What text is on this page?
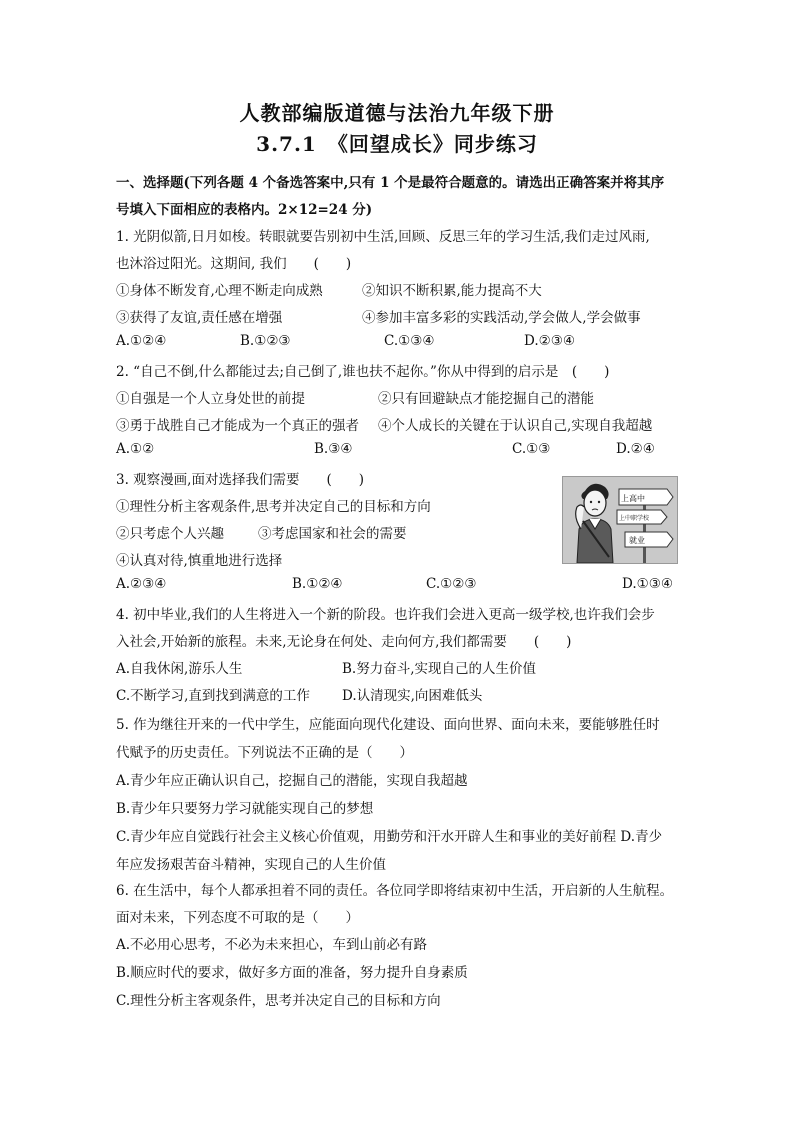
人教部编版道德与法治九年级下册
3.7.1　《回望成长》同步练习
一、选择题(下列各题 4 个备选答案中,只有 1 个是最符合题意的。请选出正确答案并将其序
号填入下面相应的表格内。2×12=24 分)
1. 光阴似箭,日月如梭。转眼就要告别初中生活,回顾、反思三年的学习生活,我们走过风雨,
也沐浴过阳光。这期间, 我们　　(　　)
①身体不断发育,心理不断走向成熟	②知识不断积累,能力提高不大
③获得了友谊,责任感在增强	④参加丰富多彩的实践活动,学会做人,学会做事
A.①②④	B.①②③	C.①③④	D.②③④
2. “自己不倒,什么都能过去;自己倒了,谁也扶不起你。”你从中得到的启示是　(　　)
①自强是一个人立身处世的前提	②只有回避缺点才能挖掘自己的潜能
③勇于战胜自己才能成为一个真正的强者 ④个人成长的关键在于认识自己,实现自我超越
A.①②	B.③④	C.①③	D.②④
3. 观察漫画,面对选择我们需要　　(　　)
①理性分析主客观条件,思考并决定自己的目标和方向
②只考虑个人兴趣	③考虑国家和社会的需要
④认真对待,慎重地进行选择
A.②③④	B.①②④	C.①②③	D.①③④
上高中
上中职学校
就业
4. 初中毕业,我们的人生将进入一个新的阶段。也许我们会进入更高一级学校,也许我们会步
入社会,开始新的旅程。未来,无论身在何处、走向何方,我们都需要　　(　　)
A.自我休闲,游乐人生	B.努力奋斗,实现自己的人生价值
C.不断学习,直到找到满意的工作 D.认清现实,向困难低头
5. 作为继往开来的一代中学生，应能面向现代化建设、面向世界、面向未来，要能够胜任时
代赋予的历史责任。下列说法不正确的是（　　）
A.青少年应正确认识自己，挖掘自己的潜能，实现自我超越
B.青少年只要努力学习就能实现自己的梦想
C.青少年应自觉践行社会主义核心价值观，用勤劳和汗水开辟人生和事业的美好前程 D.青少
年应发扬艰苦奋斗精神，实现自己的人生价值
6. 在生活中，每个人都承担着不同的责任。各位同学即将结束初中生活，开启新的人生航程。
面对未来，下列态度不可取的是（　　）
A.不必用心思考，不必为未来担心，车到山前必有路
B.顺应时代的要求，做好多方面的准备，努力提升自身素质
C.理性分析主客观条件，思考并决定自己的目标和方向
